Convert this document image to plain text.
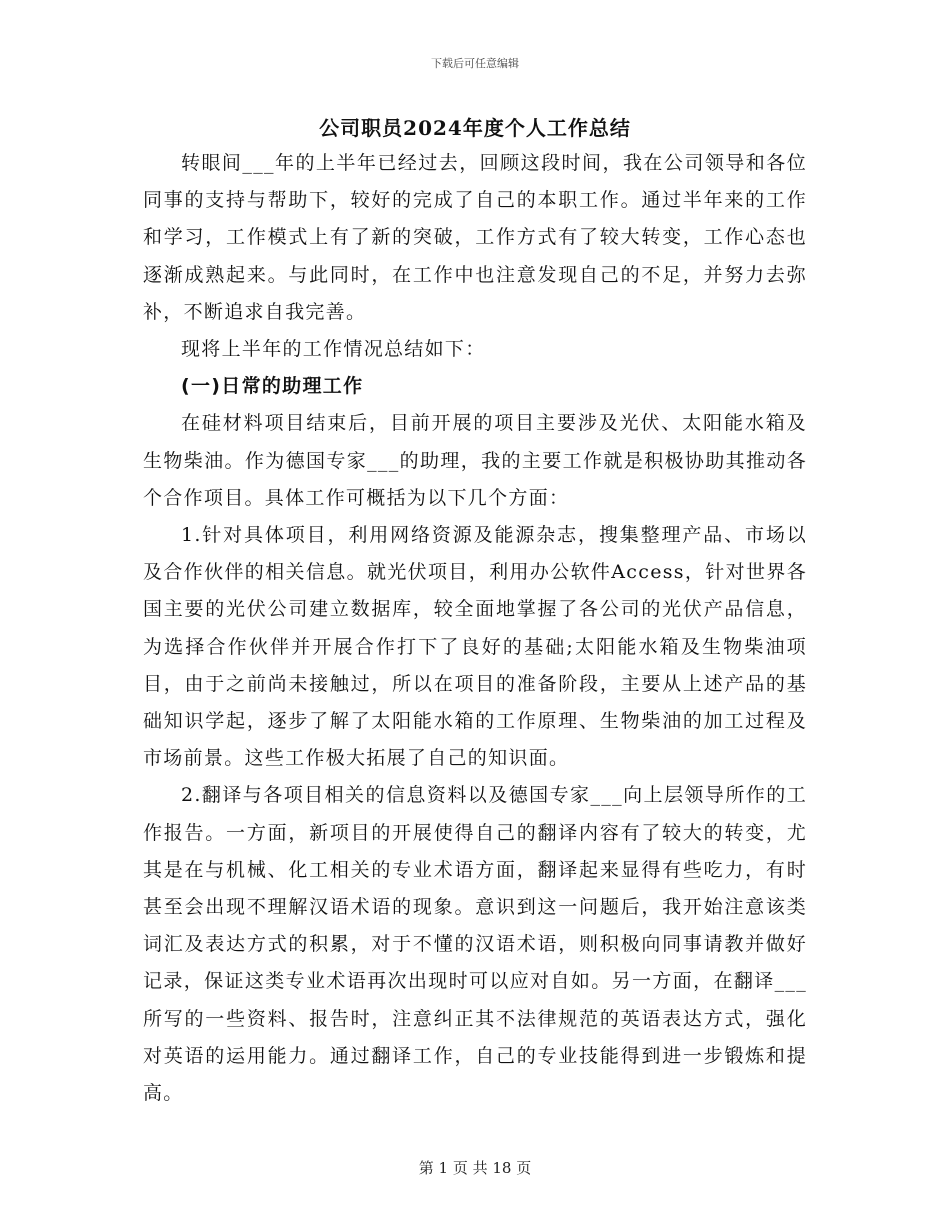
下载后可任意编辑
公司职员2024年度个人工作总结

转眼间___年的上半年已经过去，回顾这段时间，我在公司领导和各位同事的支持与帮助下，较好的完成了自己的本职工作。通过半年来的工作和学习，工作模式上有了新的突破，工作方式有了较大转变，工作心态也逐渐成熟起来。与此同时，在工作中也注意发现自己的不足，并努力去弥补，不断追求自我完善。

现将上半年的工作情况总结如下：

(一)日常的助理工作

在硅材料项目结束后，目前开展的项目主要涉及光伏、太阳能水箱及生物柴油。作为德国专家___的助理，我的主要工作就是积极协助其推动各个合作项目。具体工作可概括为以下几个方面：

1.针对具体项目，利用网络资源及能源杂志，搜集整理产品、市场以及合作伙伴的相关信息。就光伏项目，利用办公软件Access，针对世界各国主要的光伏公司建立数据库，较全面地掌握了各公司的光伏产品信息，为选择合作伙伴并开展合作打下了良好的基础;太阳能水箱及生物柴油项目，由于之前尚未接触过，所以在项目的准备阶段，主要从上述产品的基础知识学起，逐步了解了太阳能水箱的工作原理、生物柴油的加工过程及市场前景。这些工作极大拓展了自己的知识面。

2.翻译与各项目相关的信息资料以及德国专家___向上层领导所作的工作报告。一方面，新项目的开展使得自己的翻译内容有了较大的转变，尤其是在与机械、化工相关的专业术语方面，翻译起来显得有些吃力，有时甚至会出现不理解汉语术语的现象。意识到这一问题后，我开始注意该类词汇及表达方式的积累，对于不懂的汉语术语，则积极向同事请教并做好记录，保证这类专业术语再次出现时可以应对自如。另一方面，在翻译___所写的一些资料、报告时，注意纠正其不法律规范的英语表达方式，强化对英语的运用能力。通过翻译工作，自己的专业技能得到进一步锻炼和提高。

第 1 页 共 18 页
